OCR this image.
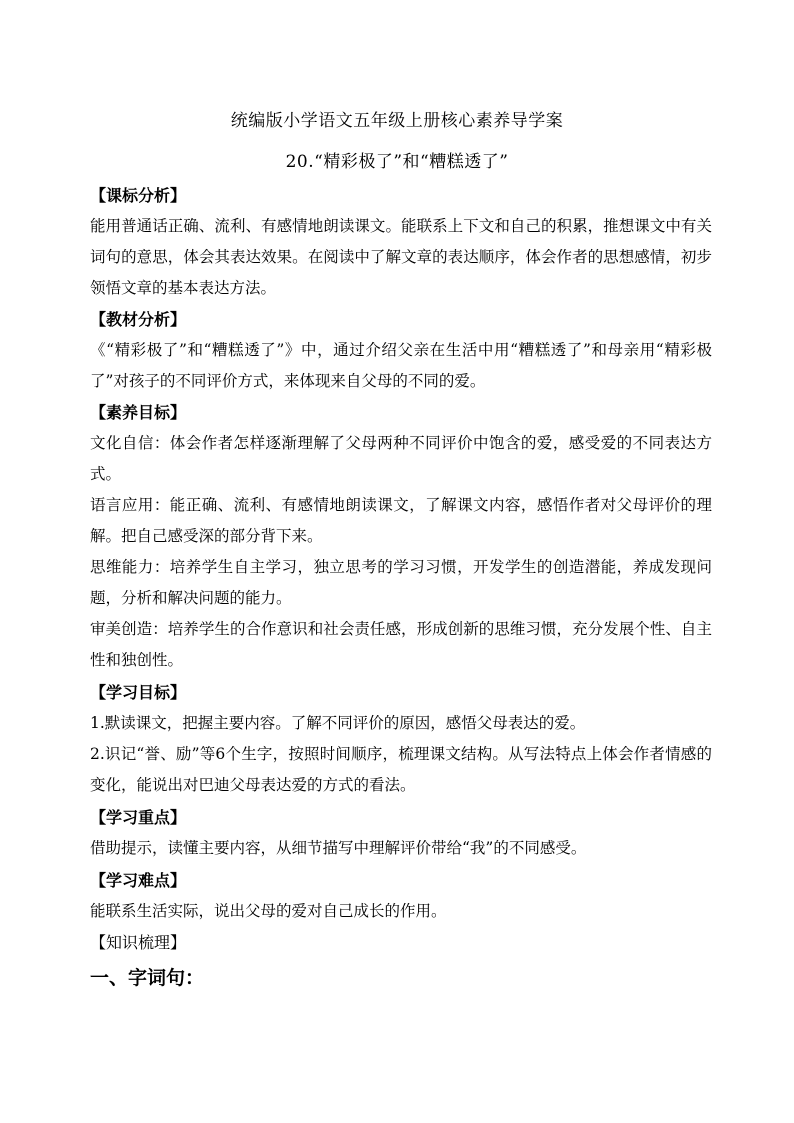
统编版小学语文五年级上册核心素养导学案
20.“精彩极了”和“糟糕透了”
【课标分析】

能用普通话正确、流利、有感情地朗读课文。能联系上下文和自己的积累，推想课文中有关词句的意思，体会其表达效果。在阅读中了解文章的表达顺序，体会作者的思想感情，初步领悟文章的基本表达方法。

【教材分析】

《“精彩极了”和“糟糕透了”》中，通过介绍父亲在生活中用“糟糕透了”和母亲用“精彩极了”对孩子的不同评价方式，来体现来自父母的不同的爱。

【素养目标】

文化自信：体会作者怎样逐渐理解了父母两种不同评价中饱含的爱，感受爱的不同表达方式。

语言应用：能正确、流利、有感情地朗读课文，了解课文内容，感悟作者对父母评价的理解。把自己感受深的部分背下来。

思维能力：培养学生自主学习，独立思考的学习习惯，开发学生的创造潜能，养成发现问题，分析和解决问题的能力。

审美创造：培养学生的合作意识和社会责任感，形成创新的思维习惯，充分发展个性、自主性和独创性。

【学习目标】

1.默读课文，把握主要内容。了解不同评价的原因，感悟父母表达的爱。

2.识记“誉、励”等6个生字，按照时间顺序，梳理课文结构。从写法特点上体会作者情感的变化，能说出对巴迪父母表达爱的方式的看法。

【学习重点】

借助提示，读懂主要内容，从细节描写中理解评价带给“我”的不同感受。

【学习难点】

能联系生活实际，说出父母的爱对自己成长的作用。

【知识梳理】
一、字词句：
